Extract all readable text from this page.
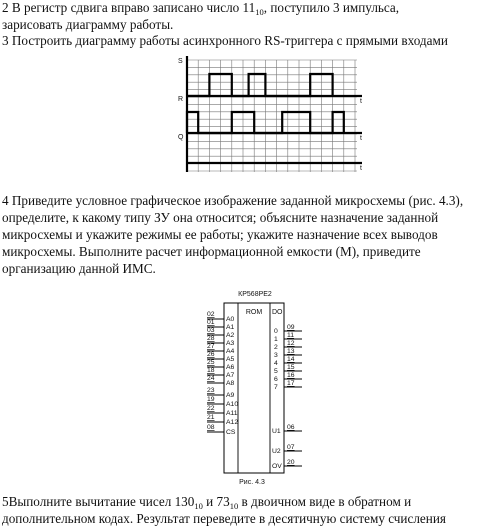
2 В регистр сдвига вправо записано число $11_{10}$, поступило 3 импульса,
зарисовать диаграмму работы.
3 Построить диаграмму работы асинхронного RS-триггера с прямыми входами
S
R
Q
t
t
t
4 Приведите условное графическое изображение заданной микросхемы (рис. 4.3),
определите, к какому типу ЗУ она относится; объясните назначение заданной
микросхемы и укажите режимы ее работы; укажите назначение всех выводов
микросхемы. Выполните расчет информационной емкости (М), приведите
организацию данной ИМС.
КР568РЕ2
Рис. 4.3
ROM DO
02
A0
01
A1
03
A2
28
A3
27
A4
26
A5
25
A6
18
A7
24
A8
23
A9
19
A10
22
A11
21
A12
08
CS
0
09
1
11
2
12
3
13
4
14
5
15
6
16
7
17
U1
06
U2
07
OV
20
5Выполните вычитание чисел $130_{10}$ и $73_{10}$ в двоичном виде в обратном и
дополнительном кодах. Результат переведите в десятичную систему счисления
